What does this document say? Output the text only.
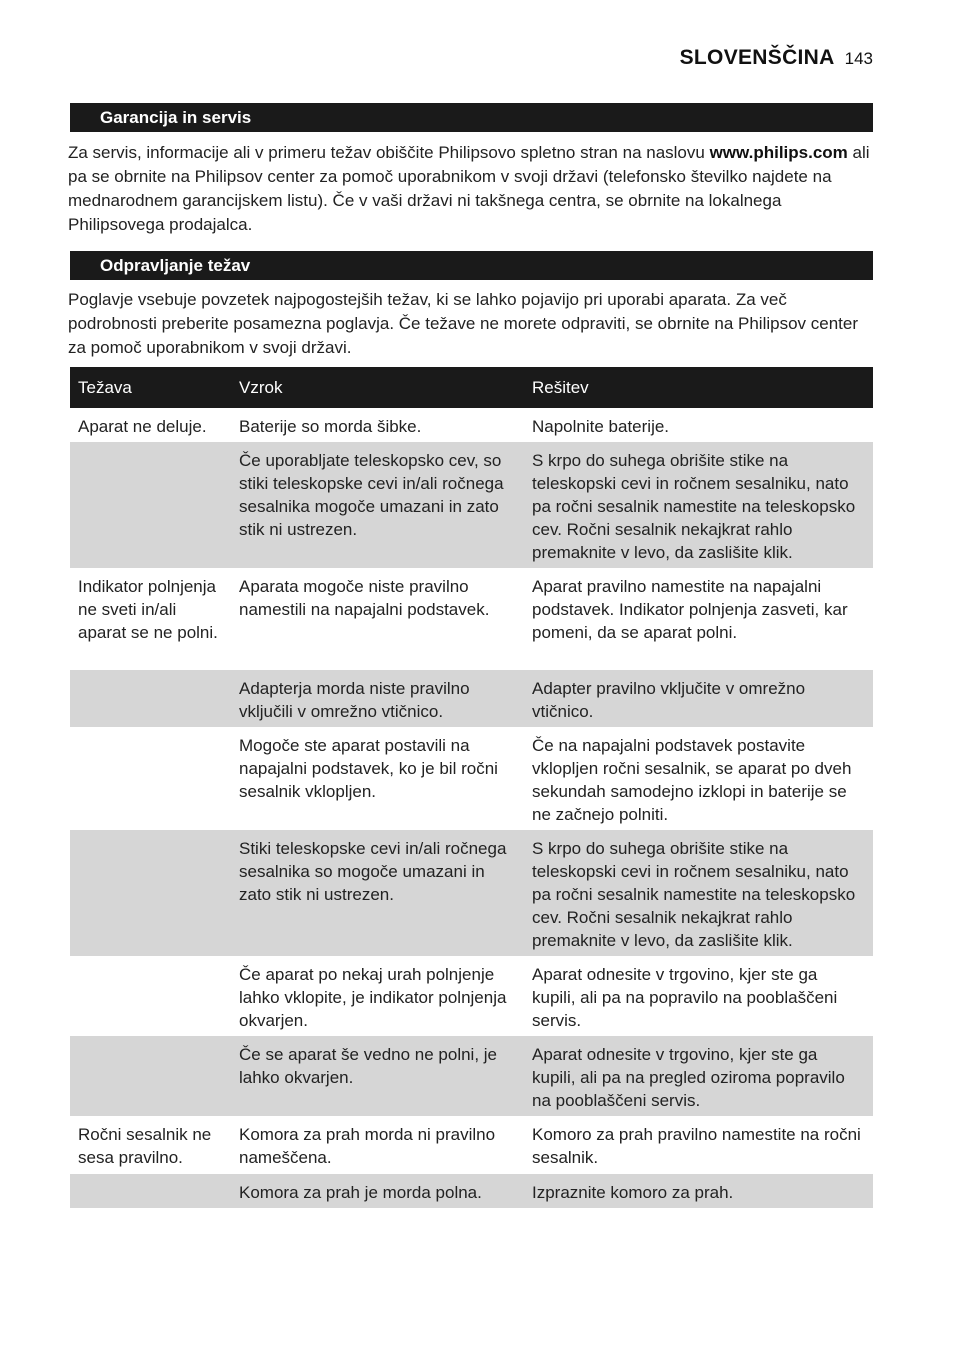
SLOVENŠČINA 143
Garancija in servis
Za servis, informacije ali v primeru težav obiščite Philipsovo spletno stran na naslovu www.philips.com ali pa se obrnite na Philipsov center za pomoč uporabnikom v svoji državi (telefonsko številko najdete na mednarodnem garancijskem listu). Če v vaši državi ni takšnega centra, se obrnite na lokalnega Philipsovega prodajalca.
Odpravljanje težav
Poglavje vsebuje povzetek najpogostejših težav, ki se lahko pojavijo pri uporabi aparata. Za več podrobnosti preberite posamezna poglavja. Če težave ne morete odpraviti, se obrnite na Philipsov center za pomoč uporabnikom v svoji državi.
Težava	Vzrok	Rešitev
Aparat ne deluje.	Baterije so morda šibke.	Napolnite baterije.
	Če uporabljate teleskopsko cev, so stiki teleskopske cevi in/ali ročnega sesalnika mogoče umazani in zato stik ni ustrezen.	S krpo do suhega obrišite stike na teleskopski cevi in ročnem sesalniku, nato pa ročni sesalnik namestite na teleskopsko cev. Ročni sesalnik nekajkrat rahlo premaknite v levo, da zaslišite klik.
Indikator polnjenja ne sveti in/ali aparat se ne polni.	Aparata mogoče niste pravilno namestili na napajalni podstavek.	Aparat pravilno namestite na napajalni podstavek. Indikator polnjenja zasveti, kar pomeni, da se aparat polni.
	Adapterja morda niste pravilno vključili v omrežno vtičnico.	Adapter pravilno vključite v omrežno vtičnico.
	Mogoče ste aparat postavili na napajalni podstavek, ko je bil ročni sesalnik vklopljen.	Če na napajalni podstavek postavite vklopljen ročni sesalnik, se aparat po dveh sekundah samodejno izklopi in baterije se ne začnejo polniti.
	Stiki teleskopske cevi in/ali ročnega sesalnika so mogoče umazani in zato stik ni ustrezen.	S krpo do suhega obrišite stike na teleskopski cevi in ročnem sesalniku, nato pa ročni sesalnik namestite na teleskopsko cev. Ročni sesalnik nekajkrat rahlo premaknite v levo, da zaslišite klik.
	Če aparat po nekaj urah polnjenje lahko vklopite, je indikator polnjenja okvarjen.	Aparat odnesite v trgovino, kjer ste ga kupili, ali pa na popravilo na pooblaščeni servis.
	Če se aparat še vedno ne polni, je lahko okvarjen.	Aparat odnesite v trgovino, kjer ste ga kupili, ali pa na pregled oziroma popravilo na pooblaščeni servis.
Ročni sesalnik ne sesa pravilno.	Komora za prah morda ni pravilno nameščena.	Komoro za prah pravilno namestite na ročni sesalnik.
	Komora za prah je morda polna.	Izpraznite komoro za prah.
